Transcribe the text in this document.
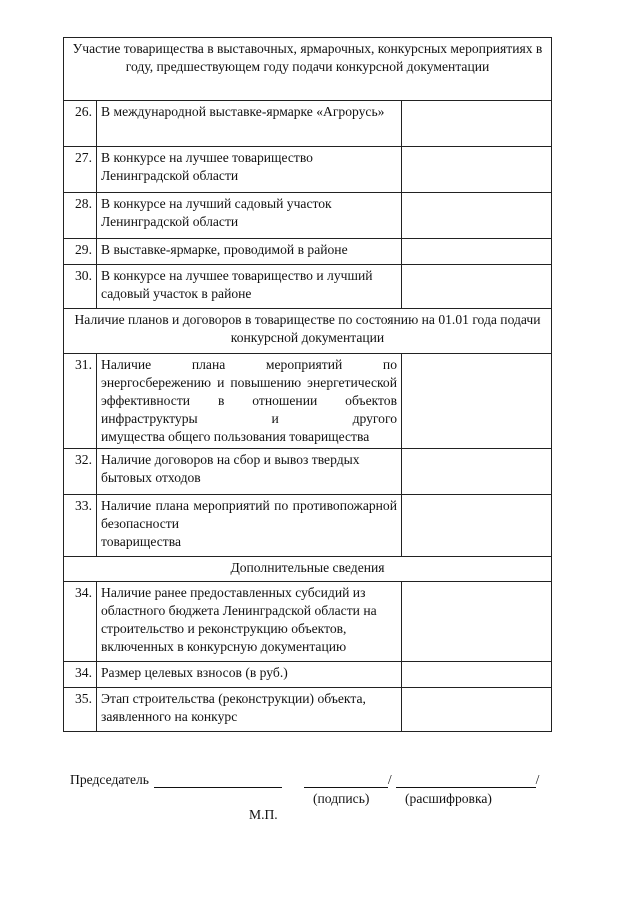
Участие товарищества в выставочных, ярмарочных, конкурсных мероприятиях в году, предшествующем году подачи конкурсной документации		
26.	В международной выставке-ярмарке «Агрорусь»	
27.	В конкурсе на лучшее товарищество Ленинградской области	
28.	В конкурсе на лучший садовый участок Ленинградской области	
29.	В выставке-ярмарке, проводимой в районе	
30.	В конкурсе на лучшее товарищество и лучший садовый участок в районе	
Наличие планов и договоров в товариществе по состоянию на 01.01 года подачи конкурсной документации		
31.	Наличие плана мероприятий по энергосбережению и повышению энергетической эффективности в отношении объектов инфраструктуры и другого
имущества общего пользования товарищества	

32.	Наличие договоров на сбор и вывоз твердых бытовых отходов	
33.	Наличие плана мероприятий по противопожарной безопасности
товарищества	

Дополнительные сведения		
34.	Наличие ранее предоставленных субсидий из областного бюджета Ленинградской области на строительство и реконструкцию объектов, включенных в конкурсную документацию	
34.	Размер целевых взносов (в руб.)	
35.	Этап строительства (реконструкции) объекта, заявленного на конкурс	
Председатель	/	/
(подпись)	(расшифровка)
М.П.
